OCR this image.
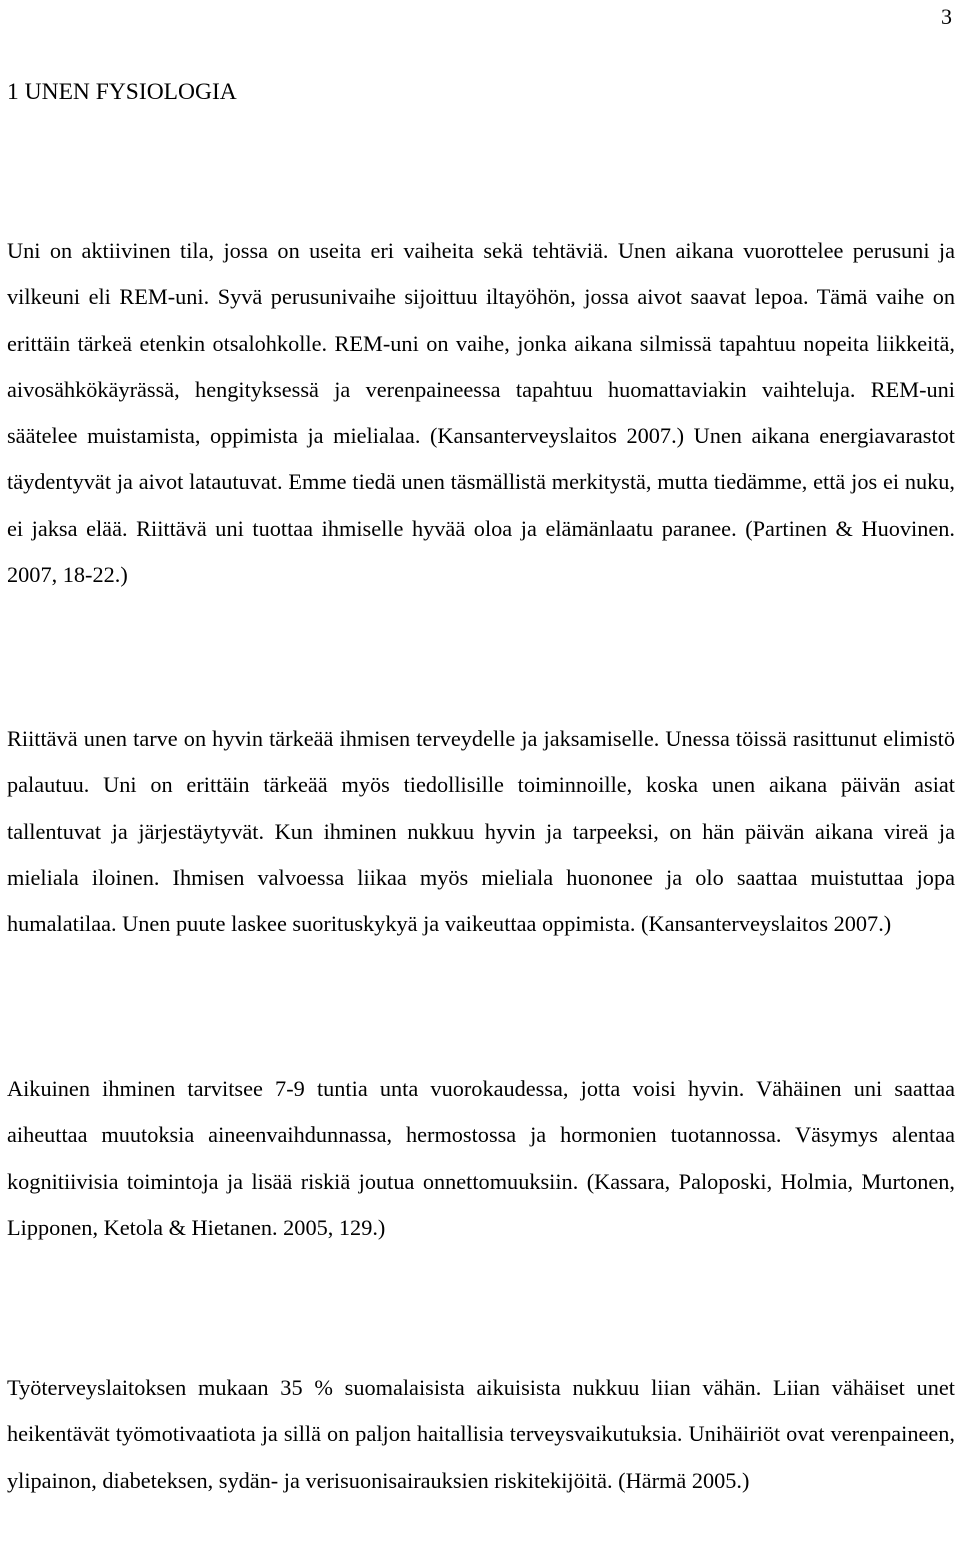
3
1 UNEN FYSIOLOGIA

Uni on aktiivinen tila, jossa on useita eri vaiheita sekä tehtäviä. Unen aikana vuorottelee perusuni ja vilkeuni eli REM-uni. Syvä perusunivaihe sijoittuu iltayöhön, jossa aivot saavat lepoa. Tämä vaihe on erittäin tärkeä etenkin otsalohkolle. REM-uni on vaihe, jonka aikana silmissä tapahtuu nopeita liikkeitä, aivosähkökäyrässä, hengityksessä ja verenpaineessa tapahtuu huomattaviakin vaihteluja. REM-uni säätelee muistamista, oppimista ja mielialaa. (Kansanterveyslaitos 2007.) Unen aikana energiavarastot täydentyvät ja aivot latautuvat. Emme tiedä unen täsmällistä merkitystä, mutta tiedämme, että jos ei nuku, ei jaksa elää. Riittävä uni tuottaa ihmiselle hyvää oloa ja elämänlaatu paranee. (Partinen & Huovinen. 2007, 18-22.)

Riittävä unen tarve on hyvin tärkeää ihmisen terveydelle ja jaksamiselle. Unessa töissä rasittunut elimistö palautuu. Uni on erittäin tärkeää myös tiedollisille toiminnoille, koska unen aikana päivän asiat tallentuvat ja järjestäytyvät. Kun ihminen nukkuu hyvin ja tarpeeksi, on hän päivän aikana vireä ja mieliala iloinen. Ihmisen valvoessa liikaa myös mieliala huononee ja olo saattaa muistuttaa jopa humalatilaa. Unen puute laskee suorituskykyä ja vaikeuttaa oppimista. (Kansanterveyslaitos 2007.)

Aikuinen ihminen tarvitsee 7-9 tuntia unta vuorokaudessa, jotta voisi hyvin. Vähäinen uni saattaa aiheuttaa muutoksia aineenvaihdunnassa, hermostossa ja hormonien tuotannossa. Väsymys alentaa kognitiivisia toimintoja ja lisää riskiä joutua onnettomuuksiin. (Kassara, Paloposki, Holmia, Murtonen, Lipponen, Ketola & Hietanen. 2005, 129.)

Työterveyslaitoksen mukaan 35 % suomalaisista aikuisista nukkuu liian vähän. Liian vähäiset unet heikentävät työmotivaatiota ja sillä on paljon haitallisia terveysvaikutuksia. Unihäiriöt ovat verenpaineen, ylipainon, diabeteksen, sydän- ja verisuonisairauksien riskitekijöitä. (Härmä 2005.)
